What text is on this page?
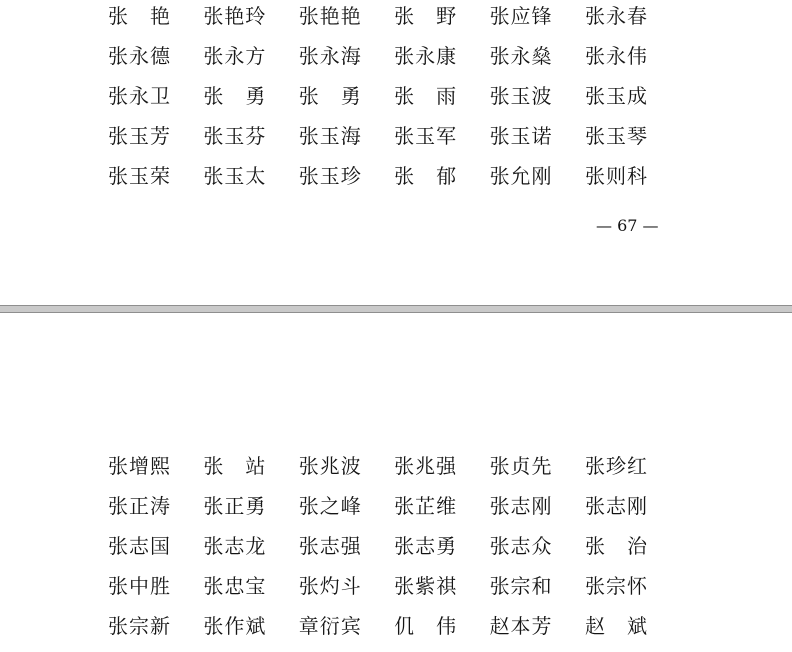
张　艳	张艳玲	张艳艳	张　野	张应锋	张永春
张永德	张永方	张永海	张永康	张永燊	张永伟
张永卫	张　勇	张　勇	张　雨	张玉波	张玉成
张玉芳	张玉芬	张玉海	张玉军	张玉诺	张玉琴
张玉荣	张玉太	张玉珍	张　郁	张允刚	张则科
— 67 —
张增熙	张　站	张兆波	张兆强	张贞先	张珍红
张正涛	张正勇	张之峰	张芷维	张志刚	张志刚
张志国	张志龙	张志强	张志勇	张志众	张　治
张中胜	张忠宝	张灼斗	张紫祺	张宗和	张宗怀
张宗新	张作斌	章衍宾	仉　伟	赵本芳	赵　斌
